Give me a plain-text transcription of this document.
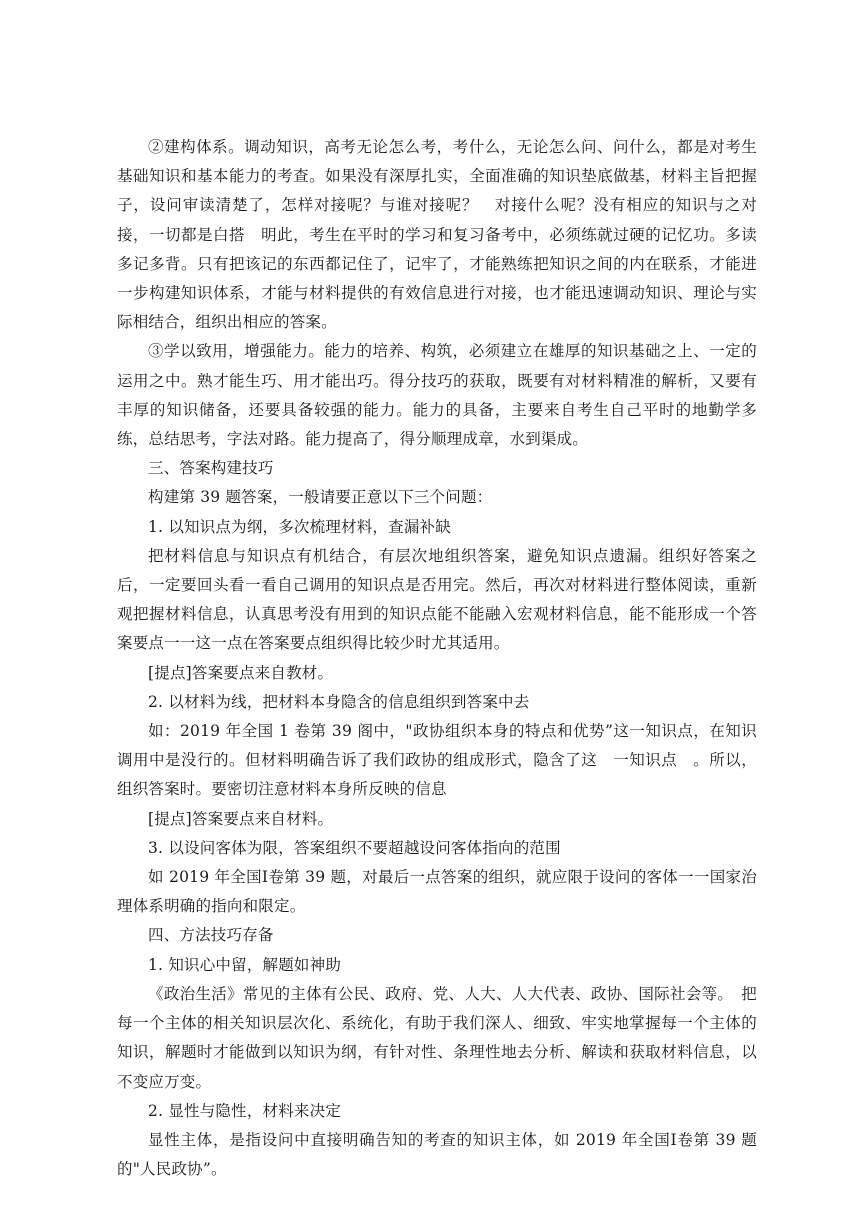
②建构体系。调动知识，高考无论怎么考，考什么，无论怎么问、问什么，都是对考生基础知识和基本能力的考查。如果没有深厚扎实，全面准确的知识垫底做基，材料主旨把握子，设问审读清楚了，怎样对接呢？与谁对接呢？　对接什么呢？没有相应的知识与之对接，一切都是白搭　明此，考生在平时的学习和复习备考中，必须练就过硬的记忆功。多读多记多背。只有把该记的东西都记住了，记牢了，才能熟练把知识之间的内在联系，才能进一步构建知识体系，才能与材料提供的有效信息进行对接，也才能迅速调动知识、理论与实际相结合，组织出相应的答案。

③学以致用，增强能力。能力的培养、构筑，必须建立在雄厚的知识基础之上、一定的运用之中。熟才能生巧、用才能出巧。得分技巧的获取，既要有对材料精准的解析，又要有丰厚的知识储备，还要具备较强的能力。能力的具备，主要来自考生自己平时的地勤学多练，总结思考，字法对路。能力提高了，得分顺理成章，水到渠成。

三、答案构建技巧

构建第 39 题答案，一般请要正意以下三个问题：

1. 以知识点为纲，多次梳理材料，查漏补缺

把材料信息与知识点有机结合，有层次地组织答案，避免知识点遗漏。组织好答案之后，一定要回头看一看自己调用的知识点是否用完。然后，再次对材料进行整体阅读，重新观把握材料信息，认真思考没有用到的知识点能不能融入宏观材料信息，能不能形成一个答案要点一一这一点在答案要点组织得比较少时尤其适用。

[提点]答案要点来自教材。

2. 以材料为线，把材料本身隐含的信息组织到答案中去

如：2019 年全国 1 卷第 39 阁中，"政协组织本身的特点和优势”这一知识点，在知识调用中是没行的。但材料明确告诉了我们政协的组成形式，隐含了这　一知识点　。所以，组织答案时。要密切注意材料本身所反映的信息

[提点]答案要点来自材料。

3. 以设问客体为限，答案组织不要超越设问客体指向的范围

如 2019 年全国Ⅰ卷第 39 题，对最后一点答案的组织，就应限于设问的客体一一国家治理体系明确的指向和限定。

四、方法技巧存备

1. 知识心中留，解题如神助

《政治生活》常见的主体有公民、政府、党、人大、人大代表、政协、国际社会等。　把每一个主体的相关知识层次化、系统化，有助于我们深人、细致、牢实地掌握每一个主体的知识，解题时才能做到以知识为纲，有针对性、条理性地去分析、解读和获取材料信息，以不变应万变。

2. 显性与隐性，材料来决定

显性主体，是指设问中直接明确告知的考查的知识主体，如 2019 年全国Ⅰ卷第 39 题的"人民政协”。
